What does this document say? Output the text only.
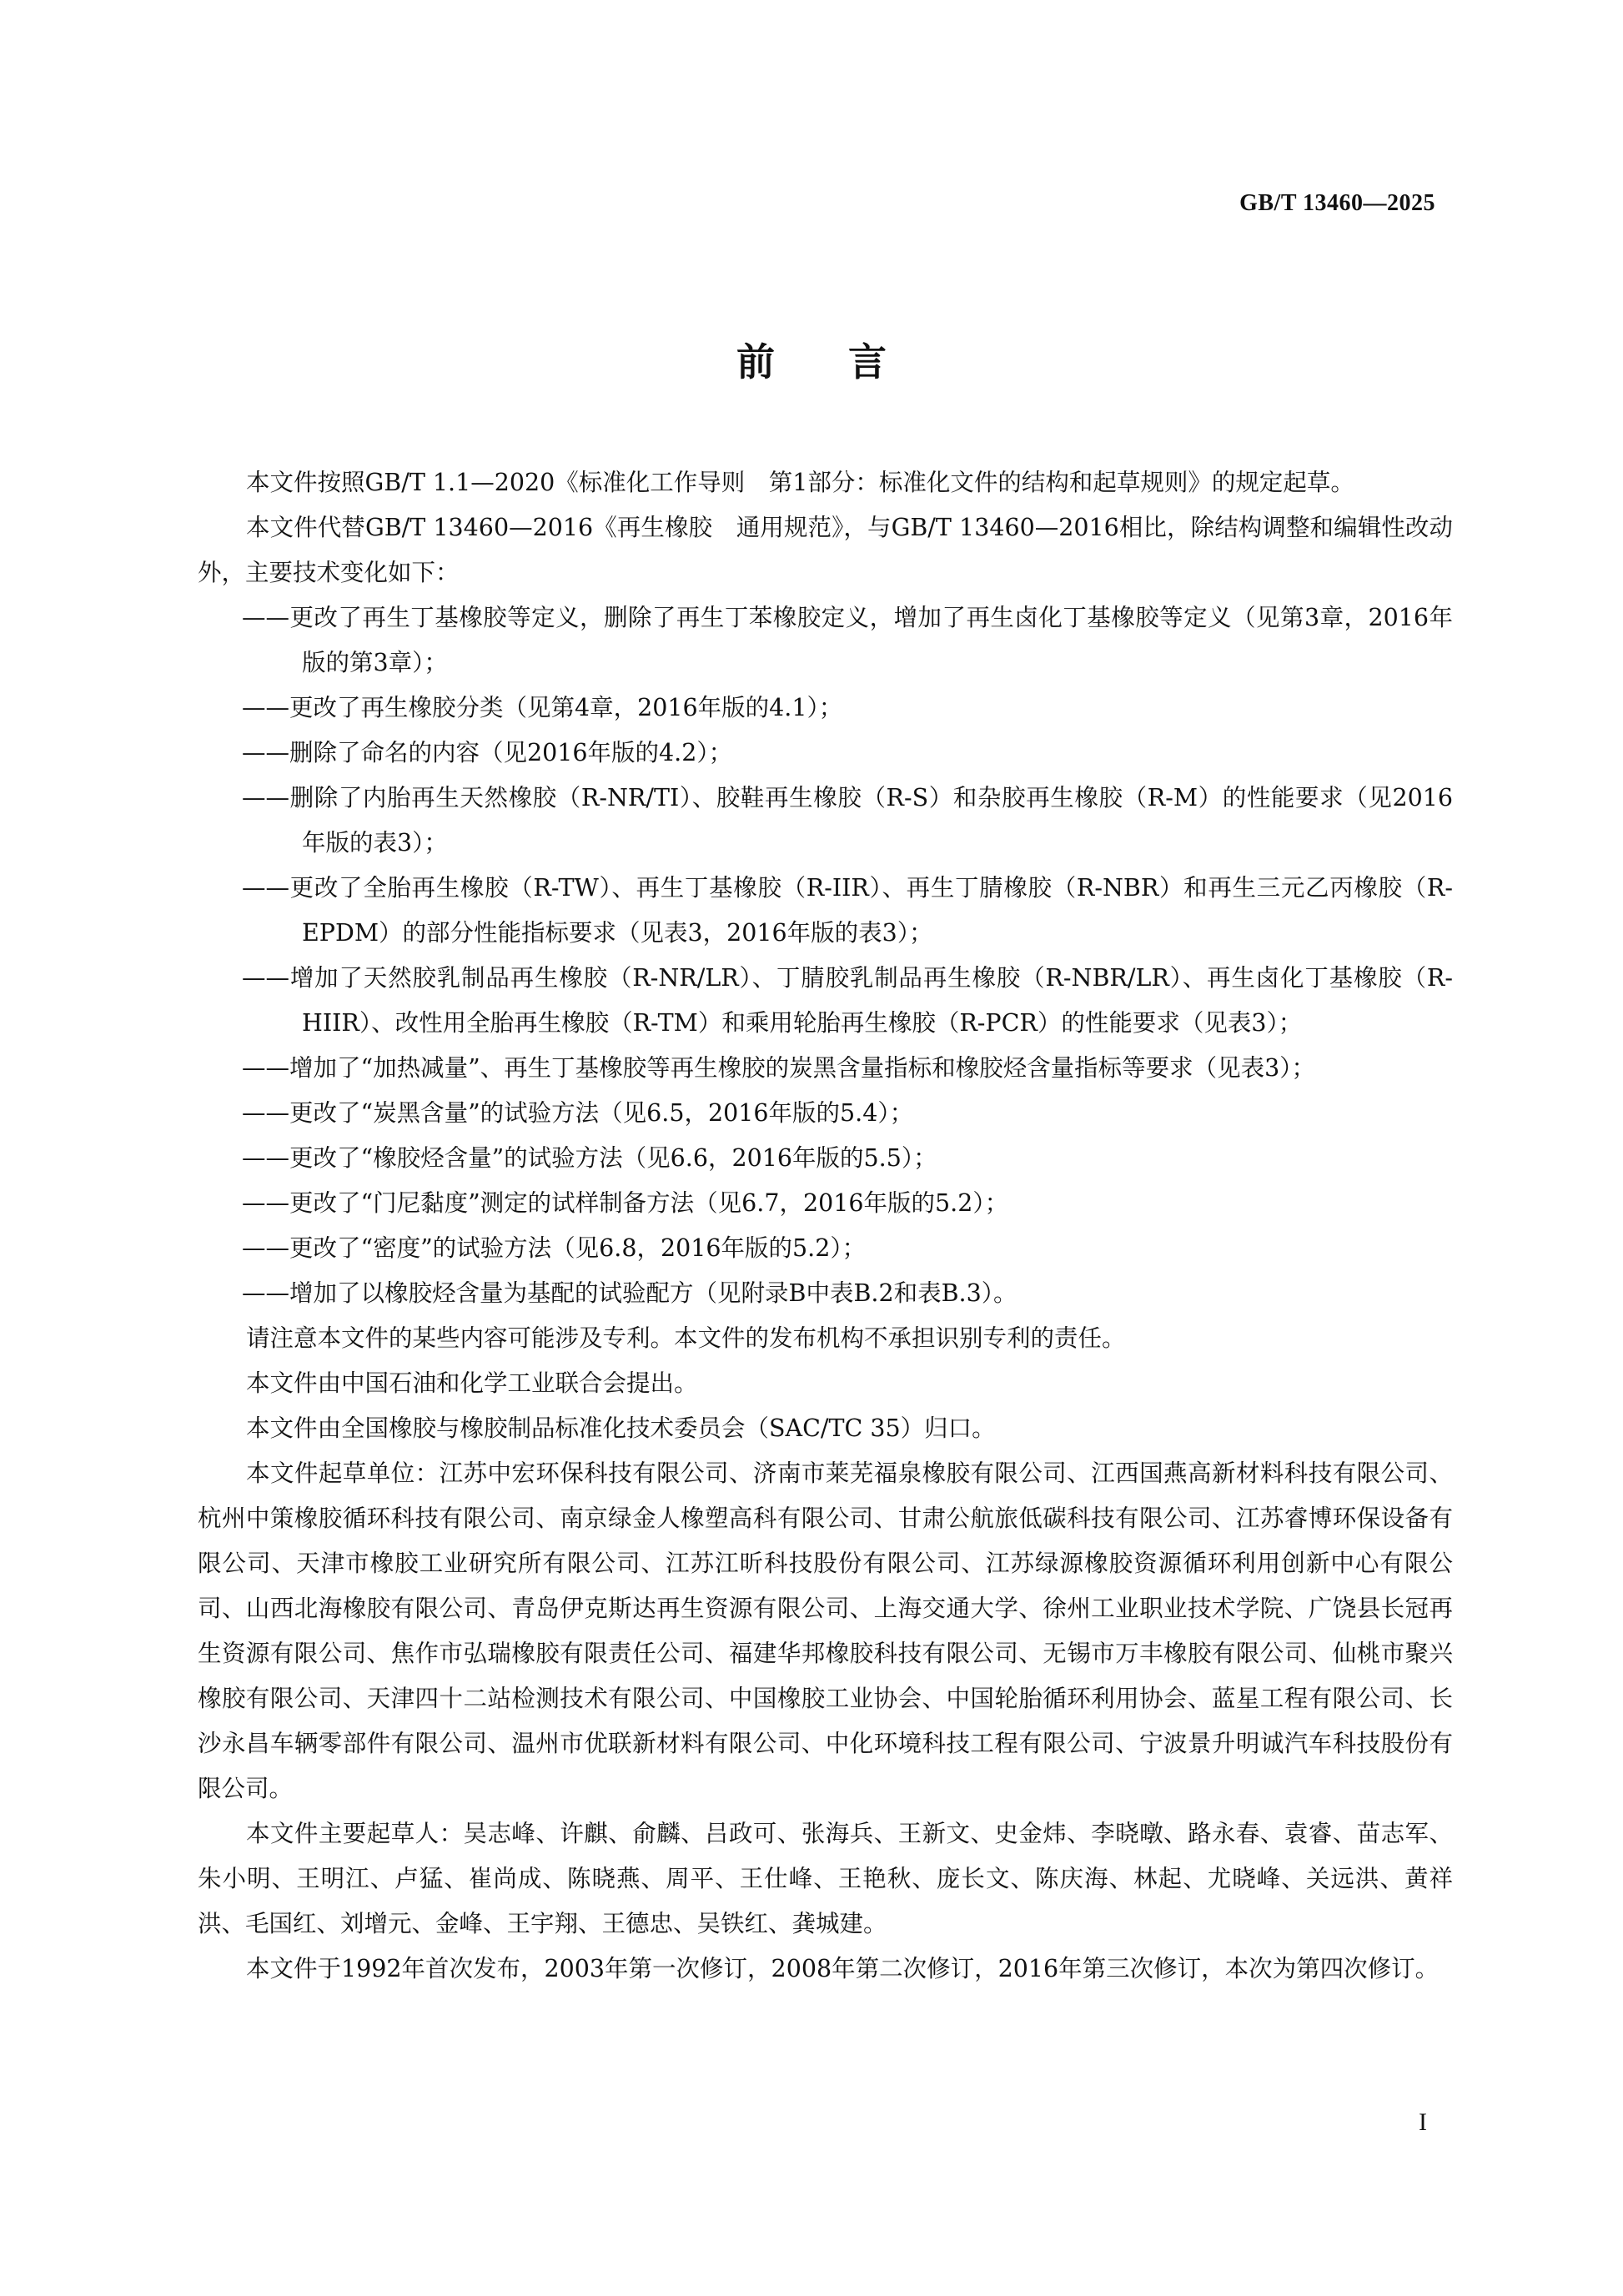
GB/T 13460—2025
前言

本文件按照GB/T 1.1—2020《标准化工作导则　第1部分：标准化文件的结构和起草规则》的规定起草。

本文件代替GB/T 13460—2016《再生橡胶　通用规范》，与GB/T 13460—2016相比，除结构调整和编辑性改动外，主要技术变化如下：

——更改了再生丁基橡胶等定义，删除了再生丁苯橡胶定义，增加了再生卤化丁基橡胶等定义（见第3章，2016年版的第3章）；

——更改了再生橡胶分类（见第4章，2016年版的4.1）；

——删除了命名的内容（见2016年版的4.2）；

——删除了内胎再生天然橡胶（R-NR/TI）、胶鞋再生橡胶（R-S）和杂胶再生橡胶（R-M）的性能要求（见2016年版的表3）；

——更改了全胎再生橡胶（R-TW）、再生丁基橡胶（R-IIR）、再生丁腈橡胶（R-NBR）和再生三元乙丙橡胶（R-EPDM）的部分性能指标要求（见表3，2016年版的表3）；

——增加了天然胶乳制品再生橡胶（R-NR/LR）、丁腈胶乳制品再生橡胶（R-NBR/LR）、再生卤化丁基橡胶（R-HIIR）、改性用全胎再生橡胶（R-TM）和乘用轮胎再生橡胶（R-PCR）的性能要求（见表3）；

——增加了“加热减量”、再生丁基橡胶等再生橡胶的炭黑含量指标和橡胶烃含量指标等要求（见表3）；

——更改了“炭黑含量”的试验方法（见6.5，2016年版的5.4）；

——更改了“橡胶烃含量”的试验方法（见6.6，2016年版的5.5）；

——更改了“门尼黏度”测定的试样制备方法（见6.7，2016年版的5.2）；

——更改了“密度”的试验方法（见6.8，2016年版的5.2）；

——增加了以橡胶烃含量为基配的试验配方（见附录B中表B.2和表B.3）。

请注意本文件的某些内容可能涉及专利。本文件的发布机构不承担识别专利的责任。

本文件由中国石油和化学工业联合会提出。

本文件由全国橡胶与橡胶制品标准化技术委员会（SAC/TC 35）归口。

本文件起草单位：江苏中宏环保科技有限公司、济南市莱芜福泉橡胶有限公司、江西国燕高新材料科技有限公司、杭州中策橡胶循环科技有限公司、南京绿金人橡塑高科有限公司、甘肃公航旅低碳科技有限公司、江苏睿博环保设备有限公司、天津市橡胶工业研究所有限公司、江苏江昕科技股份有限公司、江苏绿源橡胶资源循环利用创新中心有限公司、山西北海橡胶有限公司、青岛伊克斯达再生资源有限公司、上海交通大学、徐州工业职业技术学院、广饶县长冠再生资源有限公司、焦作市弘瑞橡胶有限责任公司、福建华邦橡胶科技有限公司、无锡市万丰橡胶有限公司、仙桃市聚兴橡胶有限公司、天津四十二站检测技术有限公司、中国橡胶工业协会、中国轮胎循环利用协会、蓝星工程有限公司、长沙永昌车辆零部件有限公司、温州市优联新材料有限公司、中化环境科技工程有限公司、宁波景升明诚汽车科技股份有限公司。

本文件主要起草人：吴志峰、许麒、俞麟、吕政可、张海兵、王新文、史金炜、李晓暾、路永春、袁睿、苗志军、朱小明、王明江、卢猛、崔尚成、陈晓燕、周平、王仕峰、王艳秋、庞长文、陈庆海、林起、尤晓峰、关远洪、黄祥洪、毛国红、刘增元、金峰、王宇翔、王德忠、吴铁红、龚城建。

本文件于1992年首次发布，2003年第一次修订，2008年第二次修订，2016年第三次修订，本次为第四次修订。

I
